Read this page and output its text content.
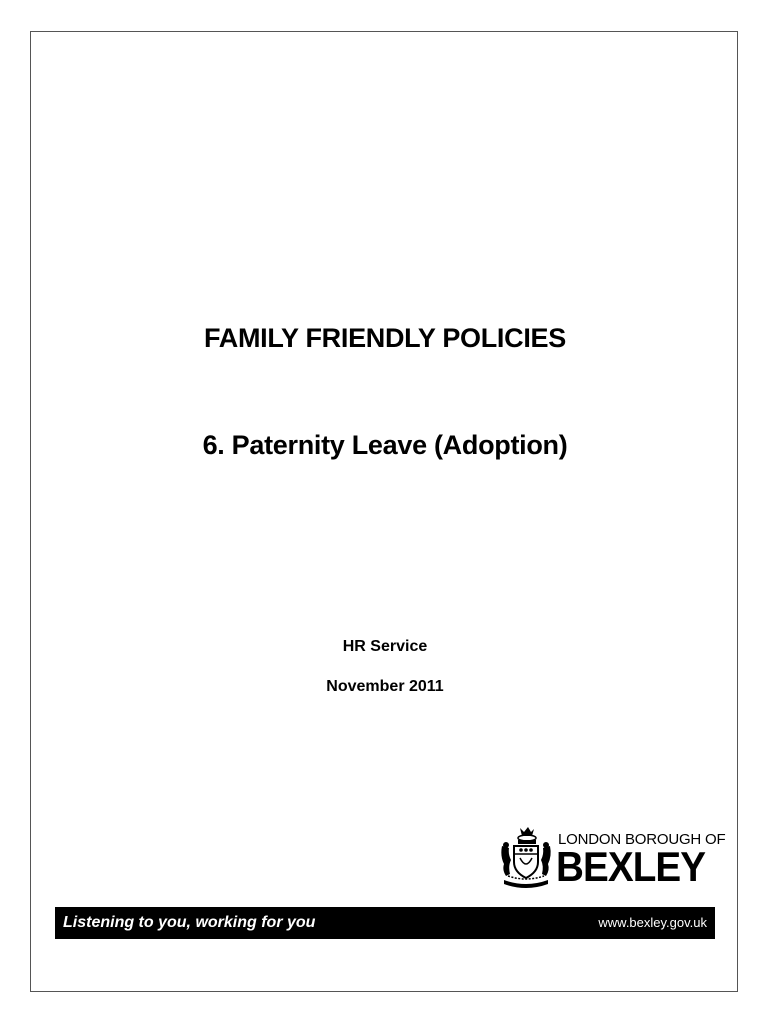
FAMILY FRIENDLY POLICIES
6. Paternity Leave (Adoption)
HR Service
November 2011
LONDON BOROUGH OF
BEXLEY
Listening to you, working for you	www.bexley.gov.uk
